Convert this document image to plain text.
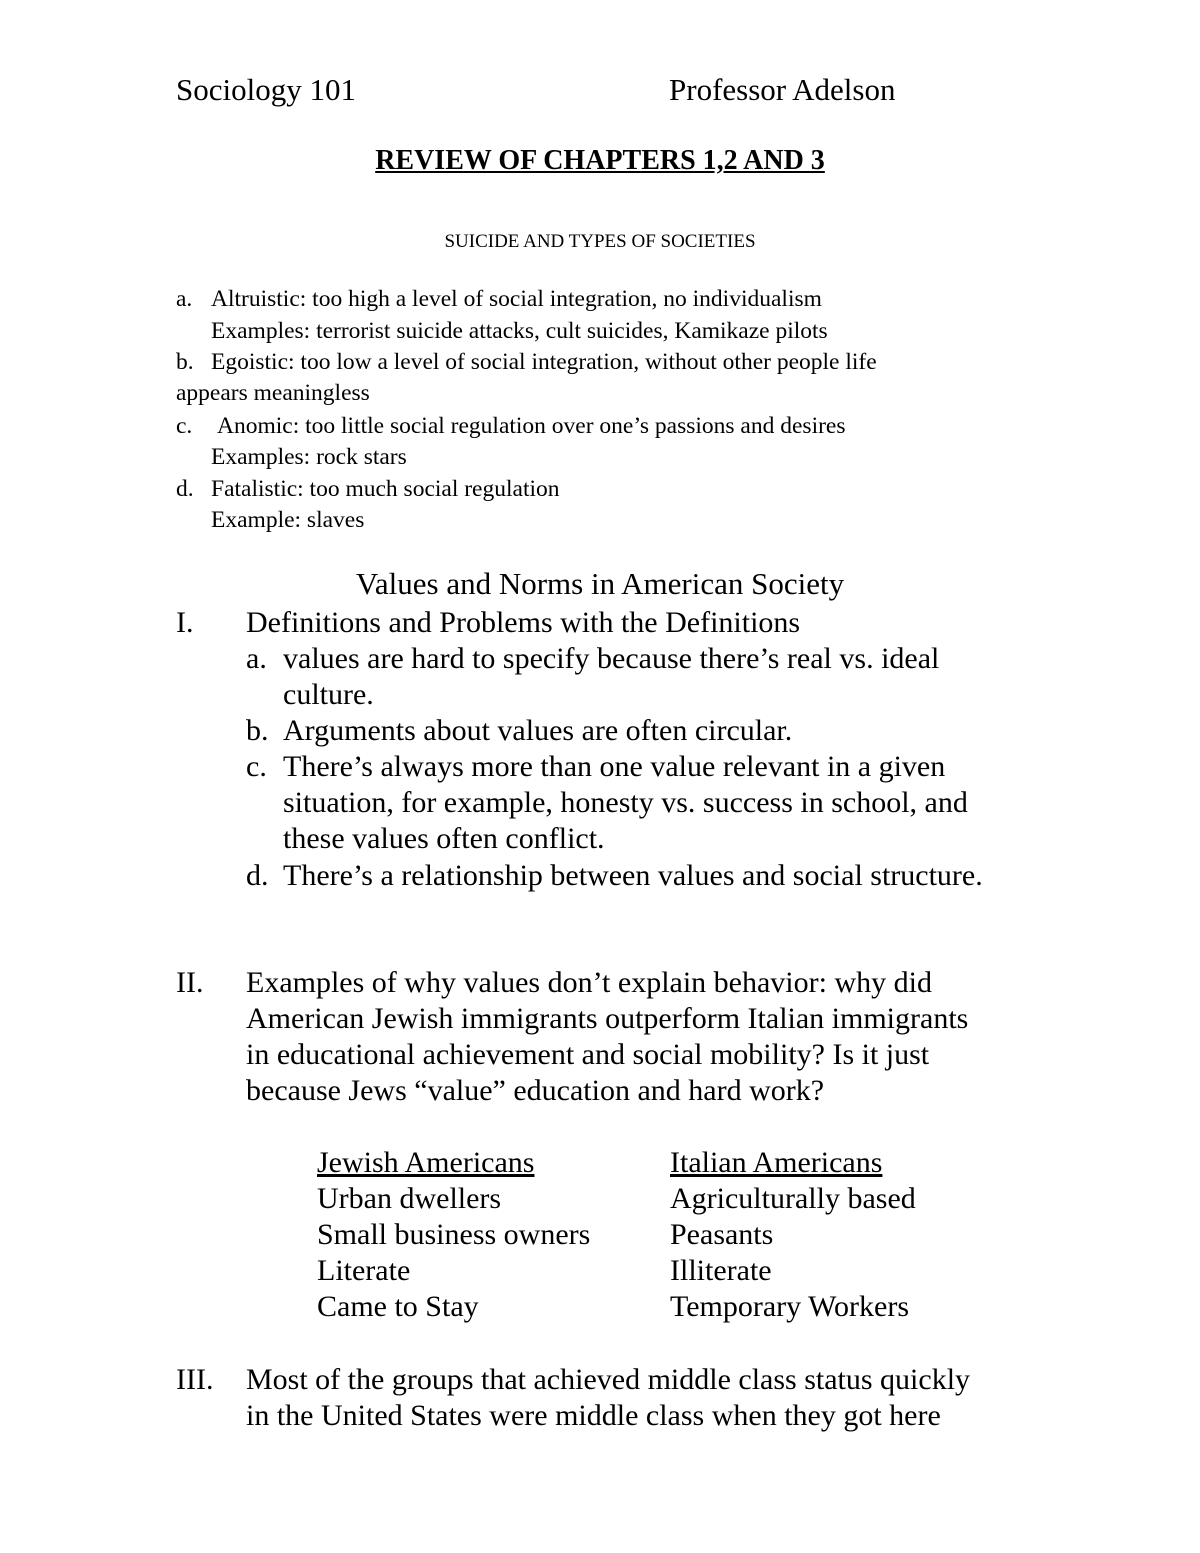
Sociology 101	Professor Adelson
REVIEW OF CHAPTERS 1,2 AND 3
SUICIDE AND TYPES OF SOCIETIES
a. Altruistic: too high a level of social integration, no individualism
Examples: terrorist suicide attacks, cult suicides, Kamikaze pilots
b. Egoistic: too low a level of social integration, without other people life
appears meaningless
c. Anomic: too little social regulation over one’s passions and desires
Examples: rock stars
d. Fatalistic: too much social regulation
Example: slaves
Values and Norms in American Society
I. Definitions and Problems with the Definitions
a. values are hard to specify because there’s real vs. ideal
culture.
b. Arguments about values are often circular.
c. There’s always more than one value relevant in a given
situation, for example, honesty vs. success in school, and
these values often conflict.
d. There’s a relationship between values and social structure.
II. Examples of why values don’t explain behavior: why did
American Jewish immigrants outperform Italian immigrants
in educational achievement and social mobility? Is it just
because Jews “value” education and hard work?
Jewish Americans	Italian Americans
Urban dwellers	Agriculturally based
Small business owners	Peasants
Literate	Illiterate
Came to Stay	Temporary Workers
III. Most of the groups that achieved middle class status quickly
in the United States were middle class when they got here
